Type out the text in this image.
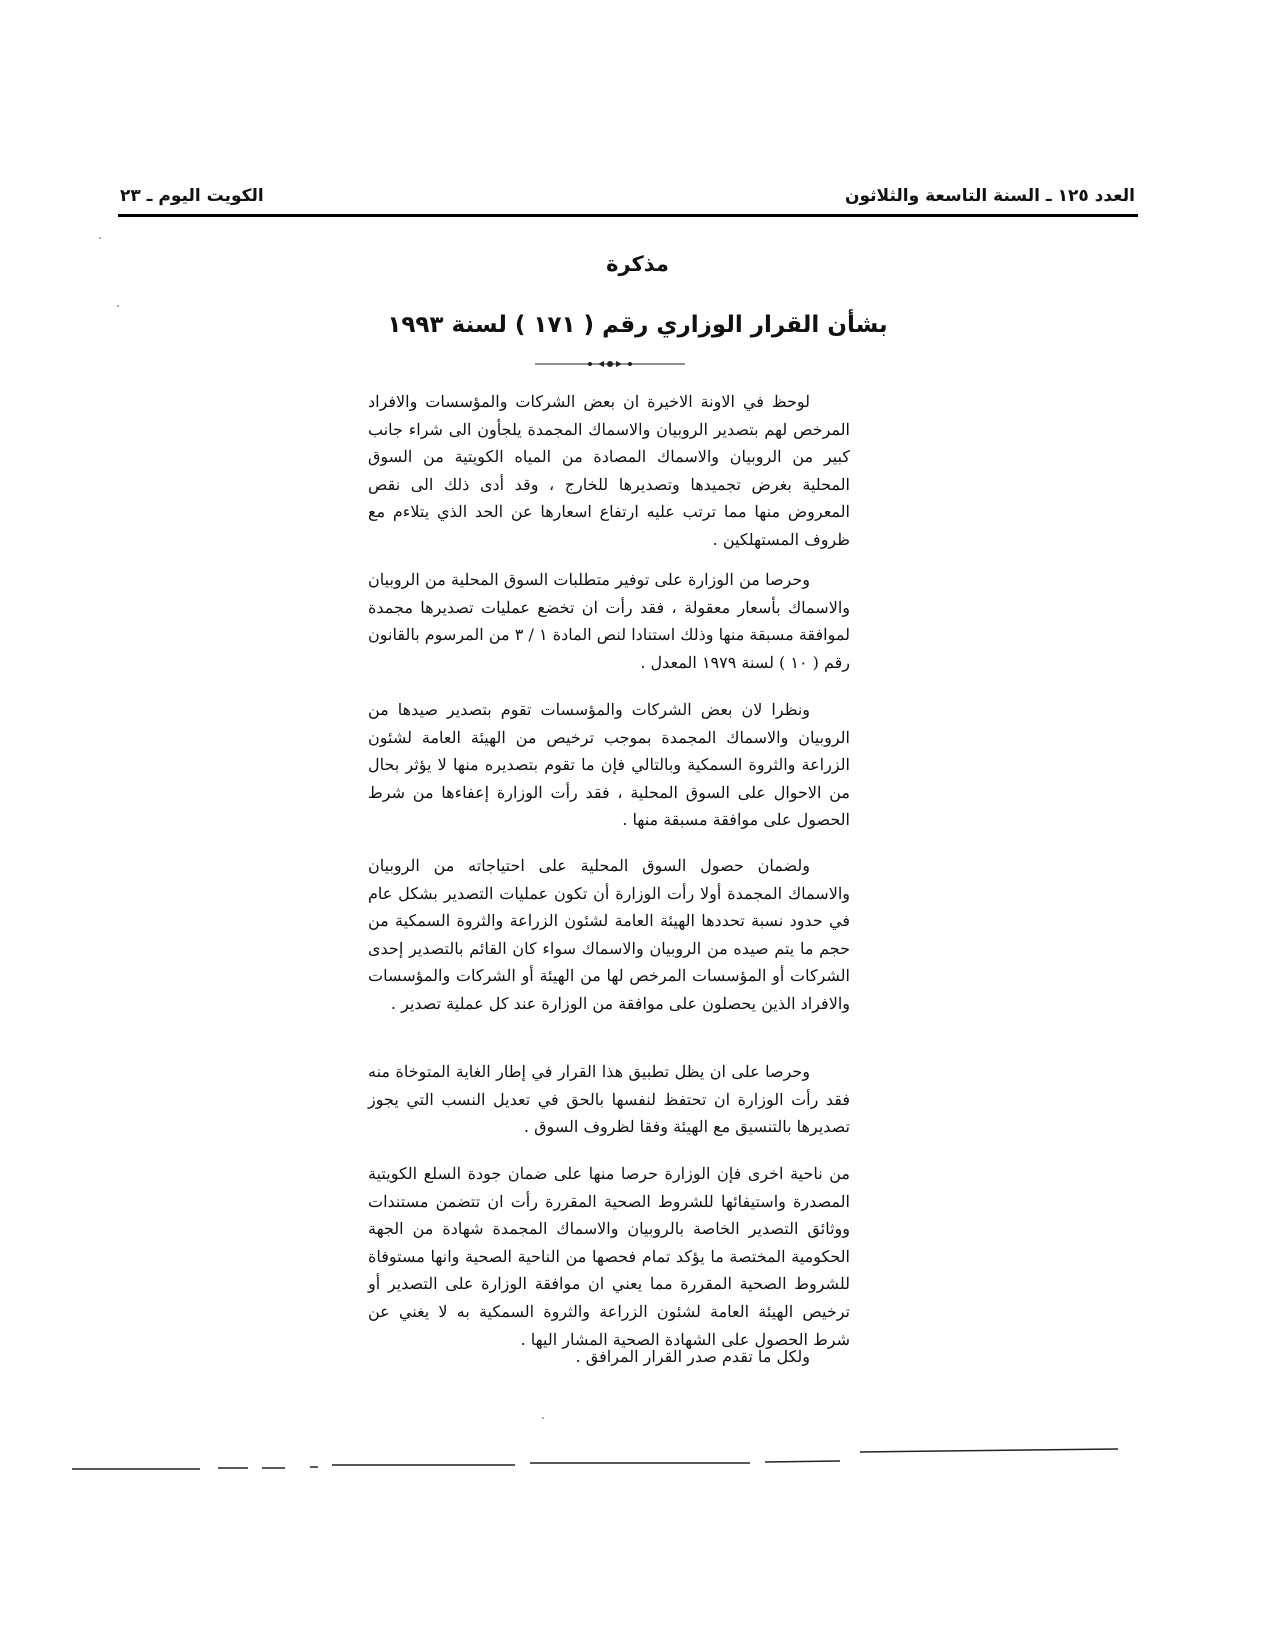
الكويت اليوم ـ ٢٣	العدد ١٢٥ ـ السنة التاسعة والثلاثون
مذكرة
بشأن القرار الوزاري رقم ( ١٧١ ) لسنة ١٩٩٣

لوحظ في الاونة الاخيرة ان بعض الشركات والمؤسسات والافراد المرخص لهم بتصدير الروبيان والاسماك المجمدة يلجأون الى شراء جانب كبير من الروبيان والاسماك المصادة من المياه الكويتية من السوق المحلية بغرض تجميدها وتصديرها للخارج ، وقد أدى ذلك الى نقص المعروض منها مما ترتب عليه ارتفاع اسعارها عن الحد الذي يتلاءم مع ظروف المستهلكين .

وحرصا من الوزارة على توفير متطلبات السوق المحلية من الروبيان والاسماك بأسعار معقولة ، فقد رأت ان تخضع عمليات تصديرها مجمدة لموافقة مسبقة منها وذلك استنادا لنص المادة ١ / ٣ من المرسوم بالقانون رقم ( ١٠ ) لسنة ١٩٧٩ المعدل .

ونظرا لان بعض الشركات والمؤسسات تقوم بتصدير صيدها من الروبيان والاسماك المجمدة بموجب ترخيص من الهيئة العامة لشئون الزراعة والثروة السمكية وبالتالي فإن ما تقوم بتصديره منها لا يؤثر بحال من الاحوال على السوق المحلية ، فقد رأت الوزارة إعفاءها من شرط الحصول على موافقة مسبقة منها .

ولضمان حصول السوق المحلية على احتياجاته من الروبيان والاسماك المجمدة أولا رأت الوزارة أن تكون عمليات التصدير بشكل عام في حدود نسبة تحددها الهيئة العامة لشئون الزراعة والثروة السمكية من حجم ما يتم صيده من الروبيان والاسماك سواء كان القائم بالتصدير إحدى الشركات أو المؤسسات المرخص لها من الهيئة أو الشركات والمؤسسات والافراد الذين يحصلون على موافقة من الوزارة عند كل عملية تصدير .

وحرصا على ان يظل تطبيق هذا القرار في إطار الغاية المتوخاة منه فقد رأت الوزارة ان تحتفظ لنفسها بالحق في تعديل النسب التي يجوز تصديرها بالتنسيق مع الهيئة وفقا لظروف السوق .

من ناحية اخرى فإن الوزارة حرصا منها على ضمان جودة السلع الكويتية المصدرة واستيفائها للشروط الصحية المقررة رأت ان تتضمن مستندات ووثائق التصدير الخاصة بالروبيان والاسماك المجمدة شهادة من الجهة الحكومية المختصة ما يؤكد تمام فحصها من الناحية الصحية وانها مستوفاة للشروط الصحية المقررة مما يعني ان موافقة الوزارة على التصدير أو ترخيص الهيئة العامة لشئون الزراعة والثروة السمكية به لا يغني عن شرط الحصول على الشهادة الصحية المشار اليها .

ولكل ما تقدم صدر القرار المرافق .
